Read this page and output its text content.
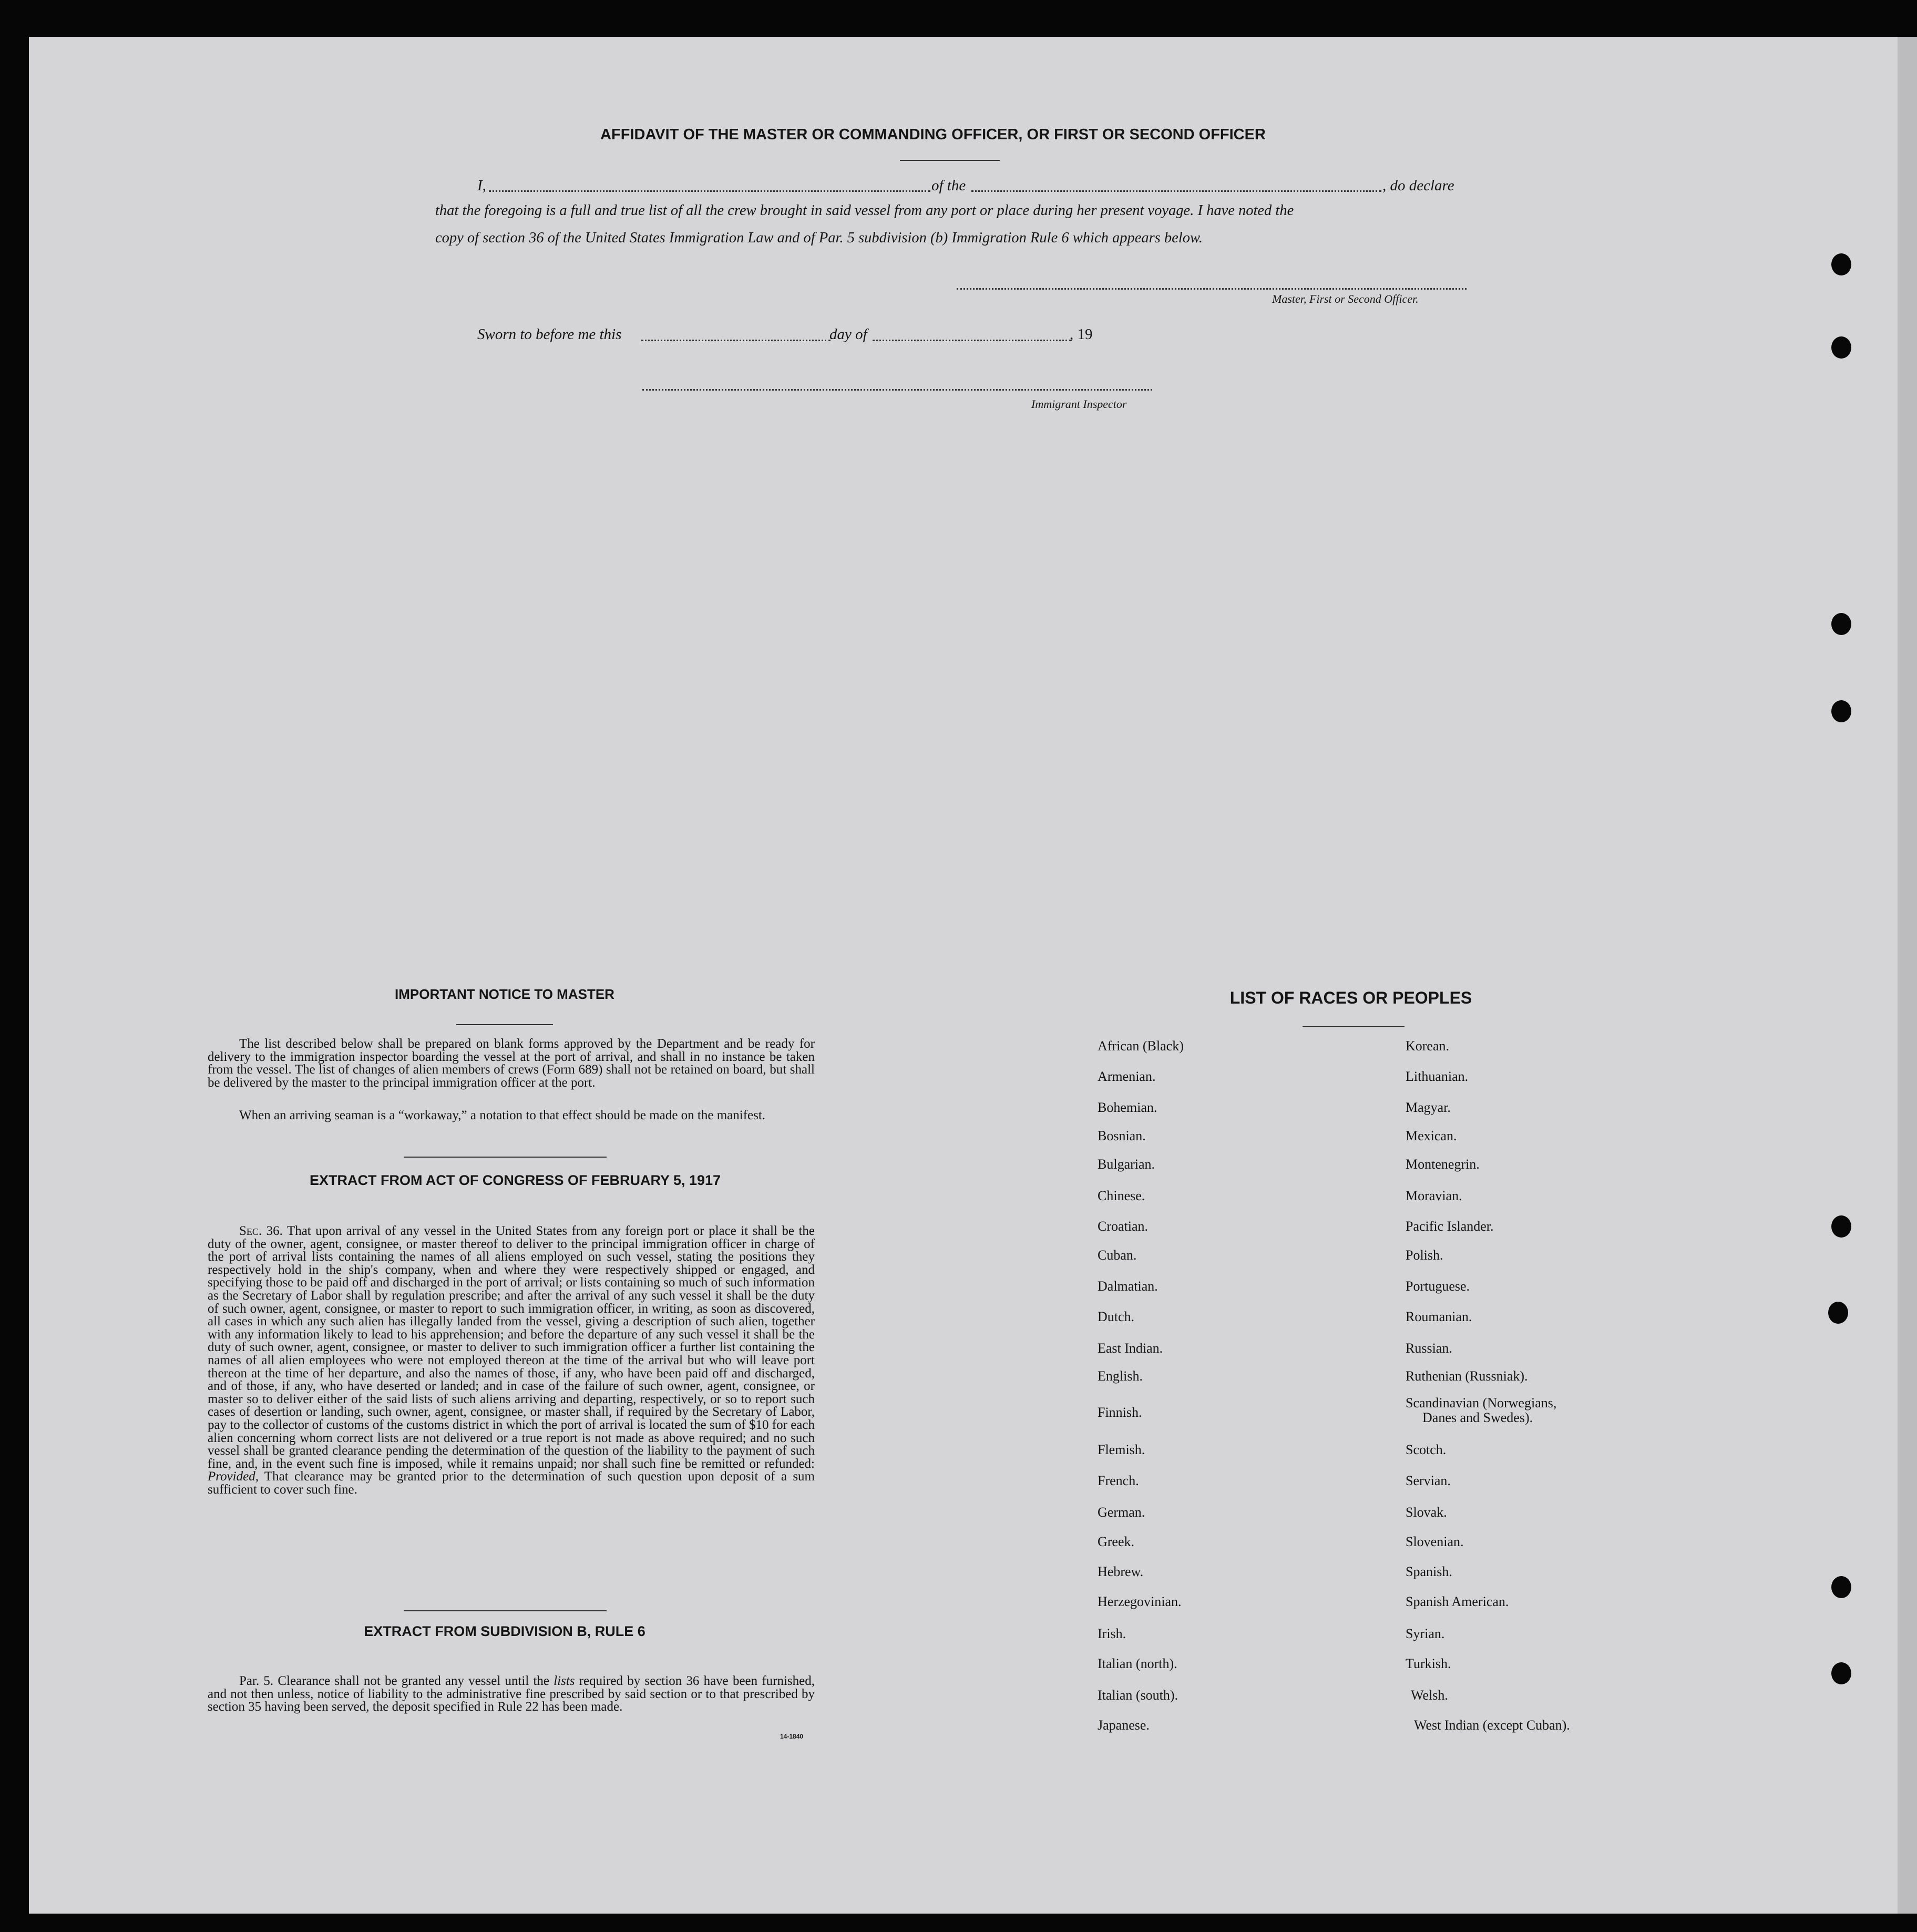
AFFIDAVIT OF THE MASTER OR COMMANDING OFFICER, OR FIRST OR SECOND OFFICER
I,	of the	, do declare
that the foregoing is a full and true list of all the crew brought in said vessel from any port or place during her present voyage. I have noted the
copy of section 36 of the United States Immigration Law and of Par. 5 subdivision (b) Immigration Rule 6 which appears below.
Master, First or Second Officer.
Sworn to before me this	day of	, 19
Immigrant Inspector
IMPORTANT NOTICE TO MASTER
The list described below shall be prepared on blank forms approved by the Department and be ready for delivery to the immigration inspector boarding the vessel at the port of arrival, and shall in no instance be taken from the vessel. The list of changes of alien members of crews (Form 689) shall not be retained on board, but shall be delivered by the master to the principal immigration officer at the port.
When an arriving seaman is a “workaway,” a notation to that effect should be made on the manifest.
EXTRACT FROM ACT OF CONGRESS OF FEBRUARY 5, 1917
Sec. 36. That upon arrival of any vessel in the United States from any foreign port or place it shall be the duty of the owner, agent, consignee, or master thereof to deliver to the principal immigration officer in charge of the port of arrival lists containing the names of all aliens employed on such vessel, stating the positions they respectively hold in the ship's company, when and where they were respectively shipped or engaged, and specifying those to be paid off and discharged in the port of arrival; or lists containing so much of such information as the Secretary of Labor shall by regulation prescribe; and after the arrival of any such vessel it shall be the duty of such owner, agent, consignee, or master to report to such immigration officer, in writing, as soon as discovered, all cases in which any such alien has illegally landed from the vessel, giving a description of such alien, together with any information likely to lead to his apprehension; and before the departure of any such vessel it shall be the duty of such owner, agent, consignee, or master to deliver to such immigration officer a further list containing the names of all alien employees who were not employed thereon at the time of the arrival but who will leave port thereon at the time of her departure, and also the names of those, if any, who have been paid off and discharged, and of those, if any, who have deserted or landed; and in case of the failure of such owner, agent, consignee, or master so to deliver either of the said lists of such aliens arriving and departing, respectively, or so to report such cases of desertion or landing, such owner, agent, consignee, or master shall, if required by the Secretary of Labor, pay to the collector of customs of the customs district in which the port of arrival is located the sum of $10 for each alien concerning whom correct lists are not delivered or a true report is not made as above required; and no such vessel shall be granted clearance pending the determination of the question of the liability to the payment of such fine, and, in the event such fine is imposed, while it remains unpaid; nor shall such fine be remitted or refunded: Provided, That clearance may be granted prior to the determination of such question upon deposit of a sum sufficient to cover such fine.
EXTRACT FROM SUBDIVISION B, RULE 6
Par. 5. Clearance shall not be granted any vessel until the lists required by section 36 have been furnished, and not then unless, notice of liability to the administrative fine prescribed by said section or to that prescribed by section 35 having been served, the deposit specified in Rule 22 has been made.
14-1840
LIST OF RACES OR PEOPLES
African (Black)
Armenian.
Bohemian.
Bosnian.
Bulgarian.
Chinese.
Croatian.
Cuban.
Dalmatian.
Dutch.
East Indian.
English.
Finnish.
Flemish.
French.
German.
Greek.
Hebrew.
Herzegovinian.
Irish.
Italian (north).
Italian (south).
Japanese.
Korean.
Lithuanian.
Magyar.
Mexican.
Montenegrin.
Moravian.
Pacific Islander.
Polish.
Portuguese.
Roumanian.
Russian.
Ruthenian (Russniak).
Scandinavian (Norwegians,
Danes and Swedes).
Scotch.
Servian.
Slovak.
Slovenian.
Spanish.
Spanish American.
Syrian.
Turkish.
Welsh.
West Indian (except Cuban).
